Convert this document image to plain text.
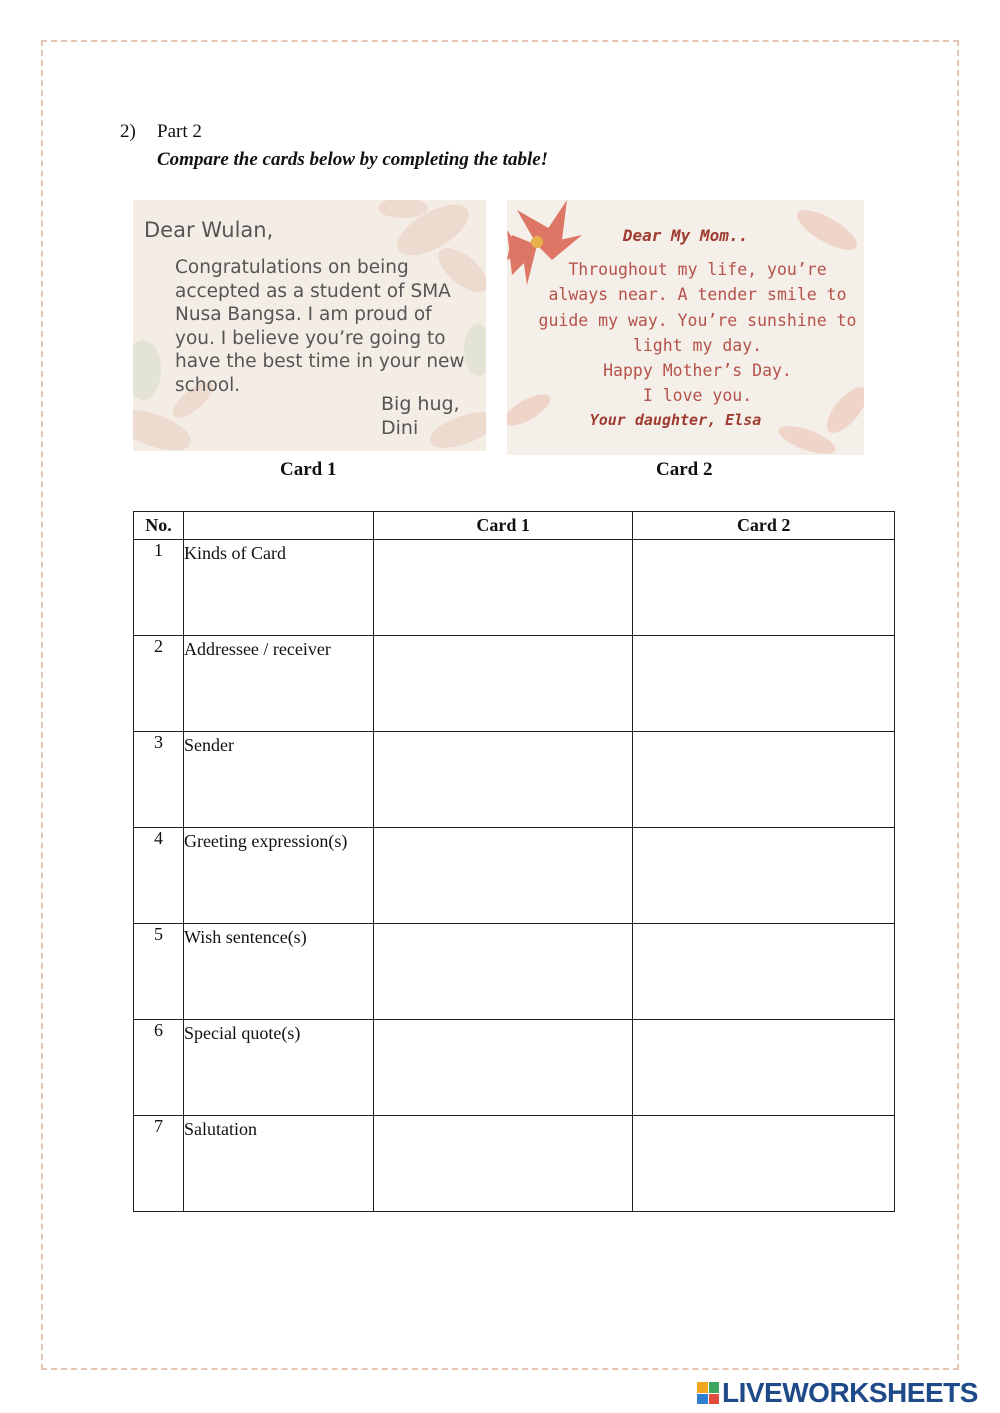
2) Part 2
Compare the cards below by completing the table!
Dear Wulan,
Congratulations on being accepted as a student of SMA Nusa Bangsa. I am proud of you. I believe you’re going to have the best time in your new school.
Big hug,
Dini
Dear My Mom..
Throughout my life, you’re
always near. A tender smile to
guide my way. You’re sunshine to
light my day.
Happy Mother’s Day.
I love you.
Your daughter, Elsa
Card 1	Card 2
No.		Card 1	Card 2
1	Kinds of Card		
2	Addressee / receiver		
3	Sender		
4	Greeting expression(s)		
5	Wish sentence(s)		
6	Special quote(s)		
7	Salutation		
LIVEWORKSHEETS
